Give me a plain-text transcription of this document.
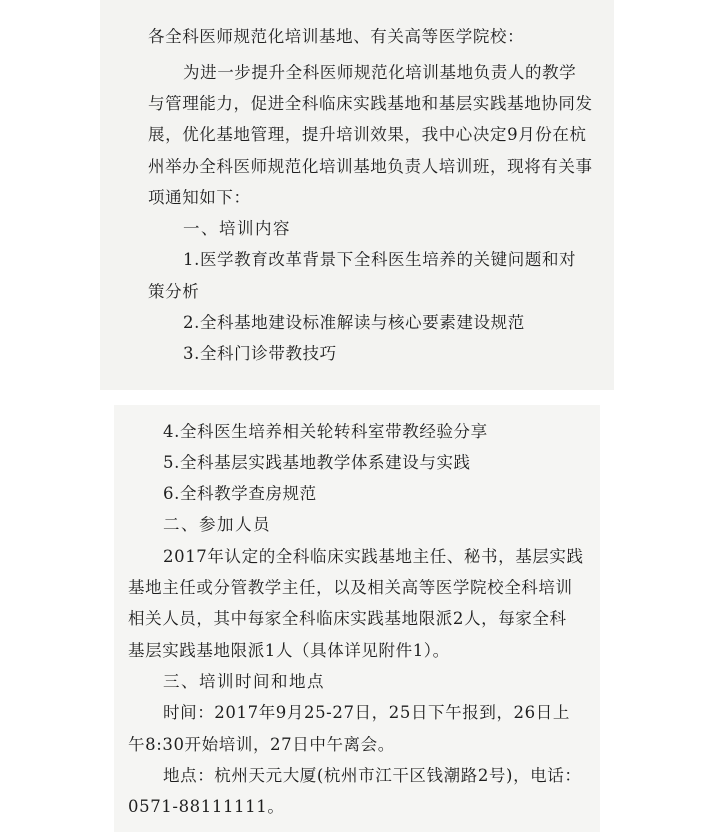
各全科医师规范化培训基地、有关高等医学院校：
为进一步提升全科医师规范化培训基地负责人的教学
与管理能力，促进全科临床实践基地和基层实践基地协同发
展，优化基地管理，提升培训效果，我中心决定9月份在杭
州举办全科医师规范化培训基地负责人培训班，现将有关事
项通知如下：
一、培训内容
1.医学教育改革背景下全科医生培养的关键问题和对
策分析
2.全科基地建设标准解读与核心要素建设规范
3.全科门诊带教技巧
4.全科医生培养相关轮转科室带教经验分享
5.全科基层实践基地教学体系建设与实践
6.全科教学查房规范
二、参加人员
2017年认定的全科临床实践基地主任、秘书，基层实践
基地主任或分管教学主任，以及相关高等医学院校全科培训
相关人员，其中每家全科临床实践基地限派2人，每家全科
基层实践基地限派1人（具体详见附件1）。
三、培训时间和地点
时间：2017年9月25-27日，25日下午报到，26日上
午8:30开始培训，27日中午离会。
地点：杭州天元大厦(杭州市江干区钱潮路2号)，电话：
0571-88111111。
